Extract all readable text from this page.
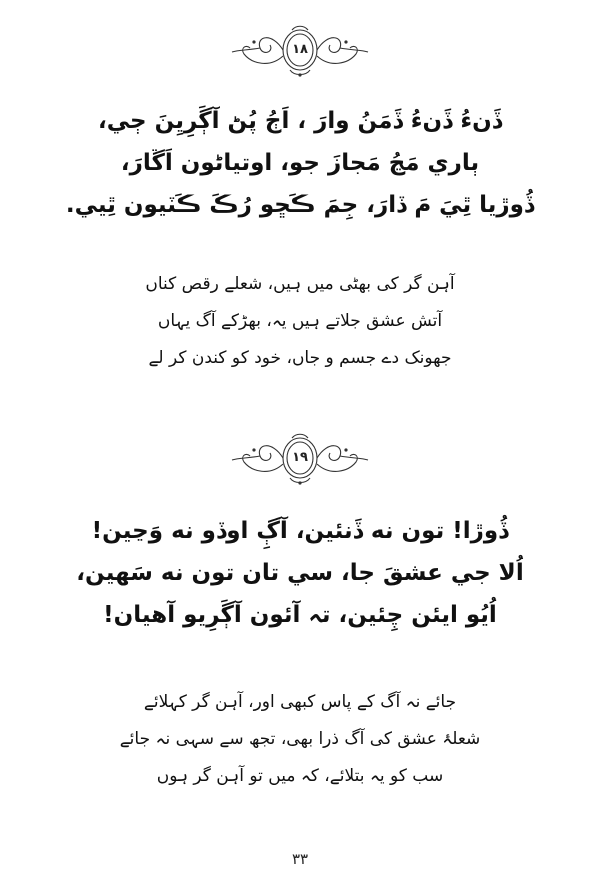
١٨
ڏَنءُ ڏَنءُ ڏَمَنُ وارَ ، اَڄُ پُڻ آڳَرِيِنَ ڄي،
ٻاري مَڃُ مَجازَ جو، اوتياڻون اَڱارَ،
ڏُوڙيا ٿِيَ مَ ڏارَ، جِمَ ڪَڇو رُڪَ ڪَٽيون ٿِيي.
آہن گر کی بھٹی میں ہیں، شعلے رقص کناں
آتش عشق جلاتے ہیں یہ، بھڑکے آگ یہاں
جھونک دے جسم و جاں، خود کو کندن کر لے
١٩
ڏُوڙا! تون نه ڏَنئين، آڳِ اوڏو نه وَڃين!
اُلا جي عشقَ جا، سي تان تون نه سَهين،
اُيُو ايئن چِئين، تہ آئون آڳَرِيو آهيان!
جائے نہ آگ کے پاس کبھی اور، آہن گر کہلائے
شعلۂ عشق کی آگ ذرا بھی، تجھ سے سہی نہ جائے
سب کو یہ بتلائے، کہ میں تو آہن گر ہوں
٣٣
